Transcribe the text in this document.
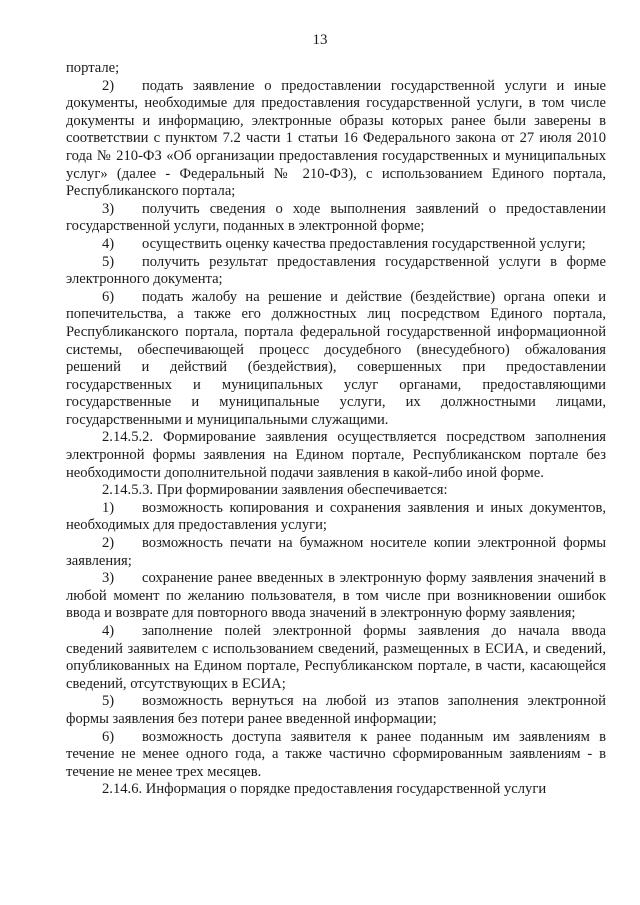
13

портале;

2) подать заявление о предоставлении государственной услуги и иные документы, необходимые для предоставления государственной услуги, в том числе документы и информацию, электронные образы которых ранее были заверены в соответствии с пунктом 7.2 части 1 статьи 16 Федерального закона от 27 июля 2010 года № 210-ФЗ «Об организации предоставления государственных и муниципальных услуг» (далее - Федеральный № 210-ФЗ), с использованием Единого портала, Республиканского портала;

3) получить сведения о ходе выполнения заявлений о предоставлении государственной услуги, поданных в электронной форме;

4) осуществить оценку качества предоставления государственной услуги;

5) получить результат предоставления государственной услуги в форме электронного документа;

6) подать жалобу на решение и действие (бездействие) органа опеки и попечительства, а также его должностных лиц посредством Единого портала, Республиканского портала, портала федеральной государственной информационной системы, обеспечивающей процесс досудебного (внесудебного) обжалования решений и действий (бездействия), совершенных при предоставлении государственных и муниципальных услуг органами, предоставляющими государственные и муниципальные услуги, их должностными лицами, государственными и муниципальными служащими.

2.14.5.2. Формирование заявления осуществляется посредством заполнения электронной формы заявления на Едином портале, Республиканском портале без необходимости дополнительной подачи заявления в какой-либо иной форме.

2.14.5.3. При формировании заявления обеспечивается:

1) возможность копирования и сохранения заявления и иных документов, необходимых для предоставления услуги;

2) возможность печати на бумажном носителе копии электронной формы заявления;

3) сохранение ранее введенных в электронную форму заявления значений в любой момент по желанию пользователя, в том числе при возникновении ошибок ввода и возврате для повторного ввода значений в электронную форму заявления;

4) заполнение полей электронной формы заявления до начала ввода сведений заявителем с использованием сведений, размещенных в ЕСИА, и сведений, опубликованных на Едином портале, Республиканском портале, в части, касающейся сведений, отсутствующих в ЕСИА;

5) возможность вернуться на любой из этапов заполнения электронной формы заявления без потери ранее введенной информации;

6) возможность доступа заявителя к ранее поданным им заявлениям в течение не менее одного года, а также частично сформированным заявлениям - в течение не менее трех месяцев.

2.14.6. Информация о порядке предоставления государственной услуги
